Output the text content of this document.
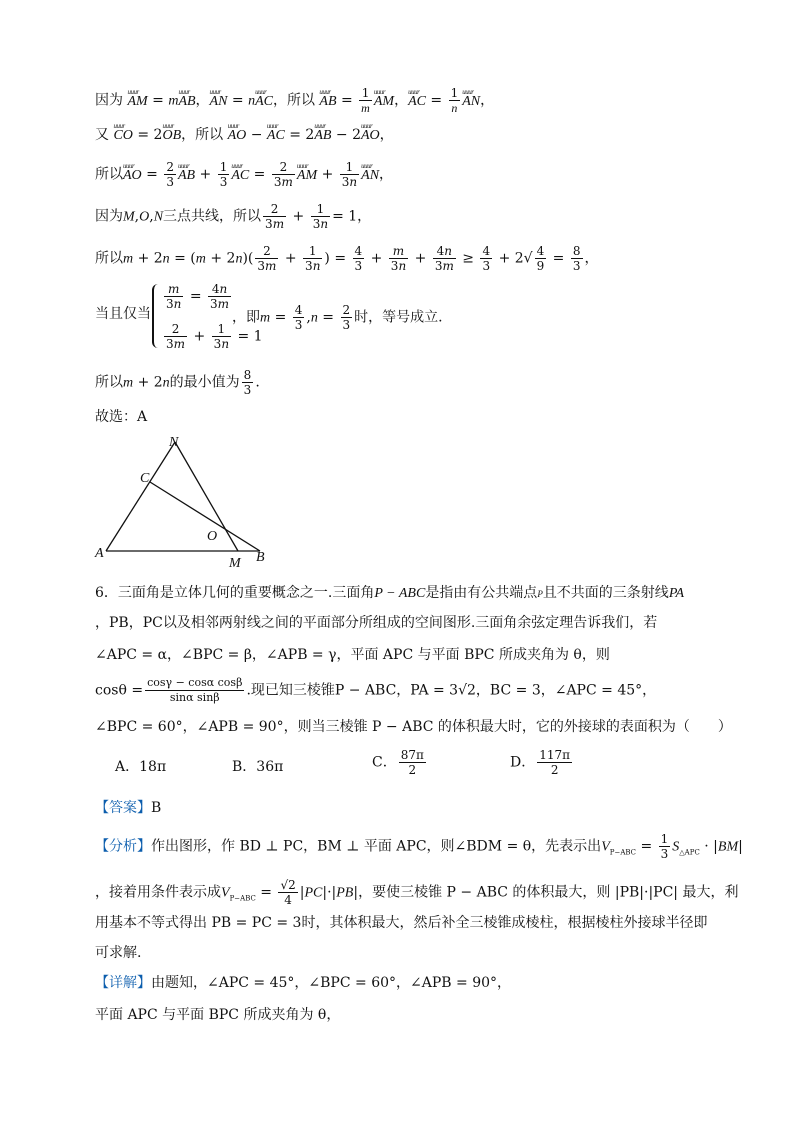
因为 uuur AM = muuur AB，uuur AN = nuuur AC，所以 uuur AB = $\frac{1}{m}$ uuur AM，uuur AC = $\frac{1}{n}$ uuur AN，
又 uuur CO = 2uuur OB，所以 uuur AO − uuur AC = 2uuur AB − 2uuur AO，
所以uuur AO = $\frac{2}{3}$ uuur AB + $\frac{1}{3}$ uuur AC = $\frac{2}{3m}$ uuur AM + $\frac{1}{3n}$ uuur AN，
因为M,O,N三点共线，所以 $\frac{2}{3m} + \frac{1}{3n} = 1$，
所以$m + 2n = (m + 2n)( \frac{2}{3m} + \frac{1}{3n}$ ) = $\frac{4}{3} + \frac{m}{3n} + \frac{4n}{3m} \ge \frac{4}{3} + 2√ \frac{4}{9} = \frac{8}{3}$ ，
当且仅当
$\frac{m}{3n} = \frac{4n}{3m}$
$\frac{2}{3m} + \frac{1}{3n} = 1$
，即$m = \frac{4}{3} ,n = \frac{2}{3}$ 时，等号成立.
所以m + 2n的最小值为 $\frac{8}{3}$ .
故选：A
N
C
O
A
M B
6．三面角是立体几何的重要概念之一.三面角P − ABC是指由有公共端点P且不共面的三条射线PA
，PB，PC以及相邻两射线之间的平面部分所组成的空间图形.三面角余弦定理告诉我们，若
∠APC = α，∠BPC = β，∠APB = γ，平面 APC 与平面 BPC 所成夹角为 θ，则
$\cos\theta = \frac{\text{cosγ − cosα cosβ}}{\text{sinα sinβ}}$ .现已知三棱锥P − ABC，PA = 3√2，BC = 3，∠APC = 45°，
∠BPC = 60°，∠APB = 90°，则当三棱锥 P − ABC 的体积最大时，它的外接球的表面积为（　　）
A．18π	B．36π	C． $\frac{87\pi}{2}$	D． $\frac{117\pi}{2}$
【答案】B
【分析】作出图形，作 BD ⊥ PC，BM ⊥ 平面 APC，则∠BDM = θ，先表示出$V_{P-ABC} = \frac{1}{3} S_{\triangle APC} \cdot |BM|$
，接着用条件表示成$V_{P-ABC} = \frac{√2}{4} |PC|\cdot|PB|$，要使三棱锥 P − ABC 的体积最大，则 |PB|·|PC| 最大，利
用基本不等式得出 PB = PC = 3时，其体积最大，然后补全三棱锥成棱柱，根据棱柱外接球半径即
可求解.
【详解】由题知，∠APC = 45°，∠BPC = 60°，∠APB = 90°，
平面 APC 与平面 BPC 所成夹角为 θ，
